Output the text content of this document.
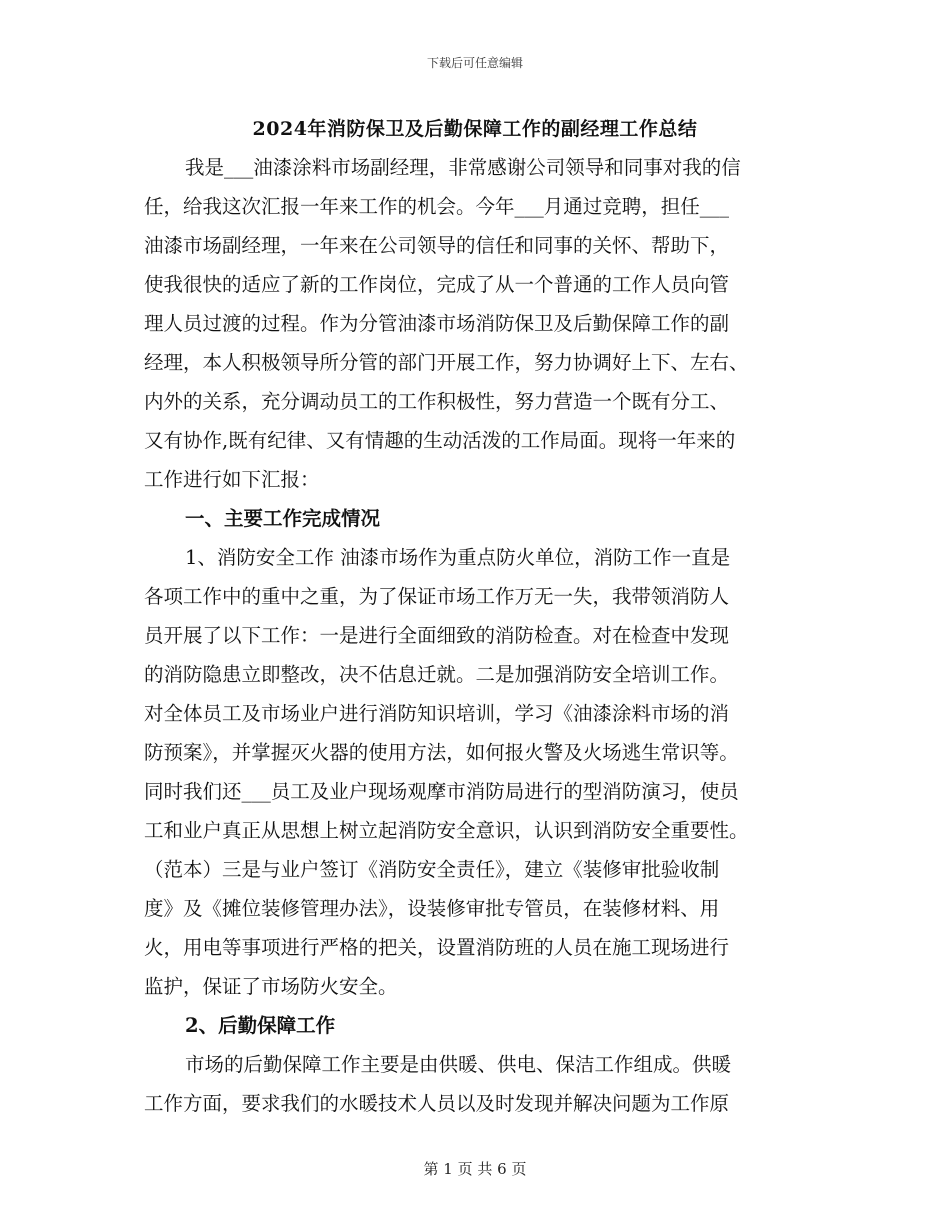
下载后可任意编辑
2024年消防保卫及后勤保障工作的副经理工作总结
我是___油漆涂料市场副经理，非常感谢公司领导和同事对我的信
任，给我这次汇报一年来工作的机会。今年___月通过竞聘，担任___
油漆市场副经理，一年来在公司领导的信任和同事的关怀、帮助下，
使我很快的适应了新的工作岗位，完成了从一个普通的工作人员向管
理人员过渡的过程。作为分管油漆市场消防保卫及后勤保障工作的副
经理，本人积极领导所分管的部门开展工作，努力协调好上下、左右、
内外的关系，充分调动员工的工作积极性，努力营造一个既有分工、
又有协作,既有纪律、又有情趣的生动活泼的工作局面。现将一年来的
工作进行如下汇报：
一、主要工作完成情况
1、消防安全工作 油漆市场作为重点防火单位，消防工作一直是
各项工作中的重中之重，为了保证市场工作万无一失，我带领消防人
员开展了以下工作：一是进行全面细致的消防检查。对在检查中发现
的消防隐患立即整改，决不估息迁就。二是加强消防安全培训工作。
对全体员工及市场业户进行消防知识培训，学习《油漆涂料市场的消
防预案》，并掌握灭火器的使用方法，如何报火警及火场逃生常识等。
同时我们还___员工及业户现场观摩市消防局进行的型消防演习，使员
工和业户真正从思想上树立起消防安全意识，认识到消防安全重要性。
（范本）三是与业户签订《消防安全责任》，建立《装修审批验收制
度》及《摊位装修管理办法》，设装修审批专管员，在装修材料、用
火，用电等事项进行严格的把关，设置消防班的人员在施工现场进行
监护，保证了市场防火安全。
2、后勤保障工作
市场的后勤保障工作主要是由供暖、供电、保洁工作组成。供暖
工作方面，要求我们的水暖技术人员以及时发现并解决问题为工作原
第 1 页 共 6 页
